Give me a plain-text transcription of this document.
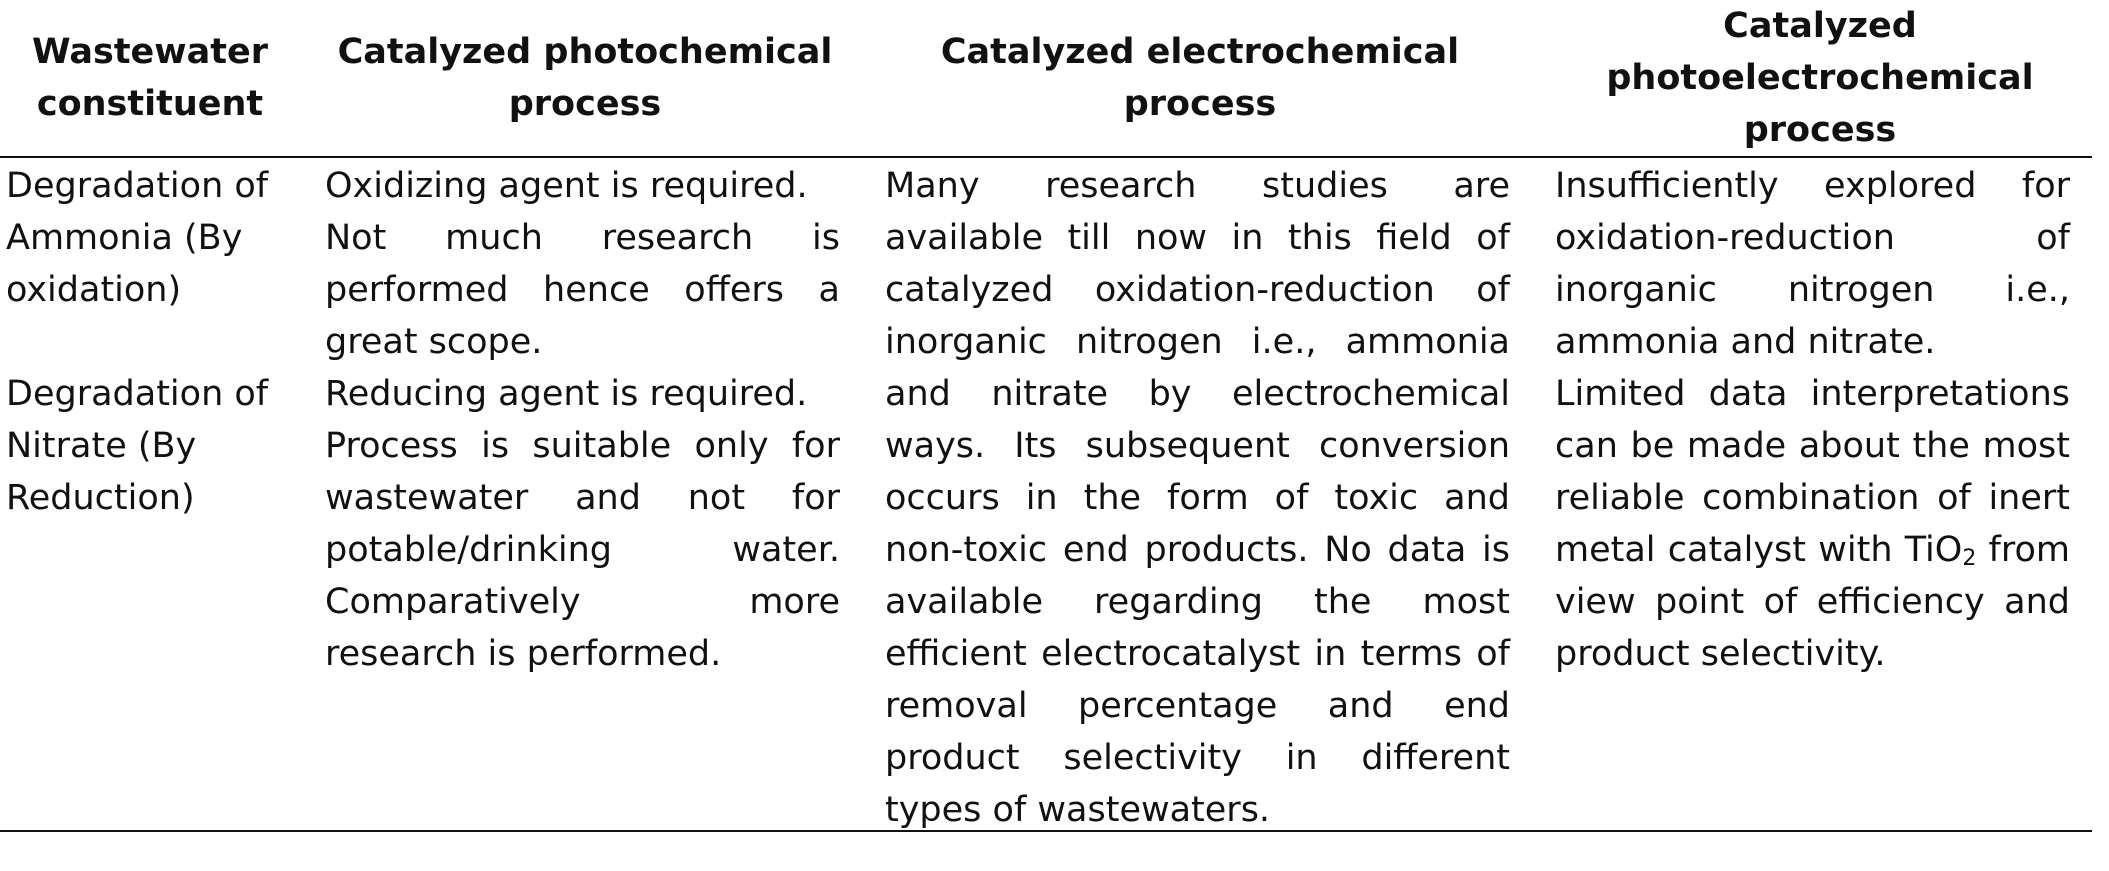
Wastewater
constituent
Catalyzed photochemical
process
Catalyzed electrochemical
process
Catalyzed
photoelectrochemical
process

Degradation of

Ammonia (By

oxidation)

Degradation of

Nitrate (By

Reduction)

Oxidizing agent is required.

Not much research is performed hence offers a great scope.

Reducing agent is required.

Process is suitable only for wastewater and not for potable/drinking water. Comparatively more research is performed.

Many research studies are available till now in this field of catalyzed oxidation-reduction of inorganic nitrogen i.e., ammonia and nitrate by electrochemical ways. Its subsequent conversion occurs in the form of toxic and non-toxic end products. No data is available regarding the most efficient electrocatalyst in terms of removal percentage and end product selectivity in different types of wastewaters.

Insufficiently explored for oxidation-reduction of inorganic nitrogen i.e., ammonia and nitrate.

Limited data interpretations can be made about the most reliable combination of inert metal catalyst with TiO$_2$ from view point of efficiency and product selectivity.
